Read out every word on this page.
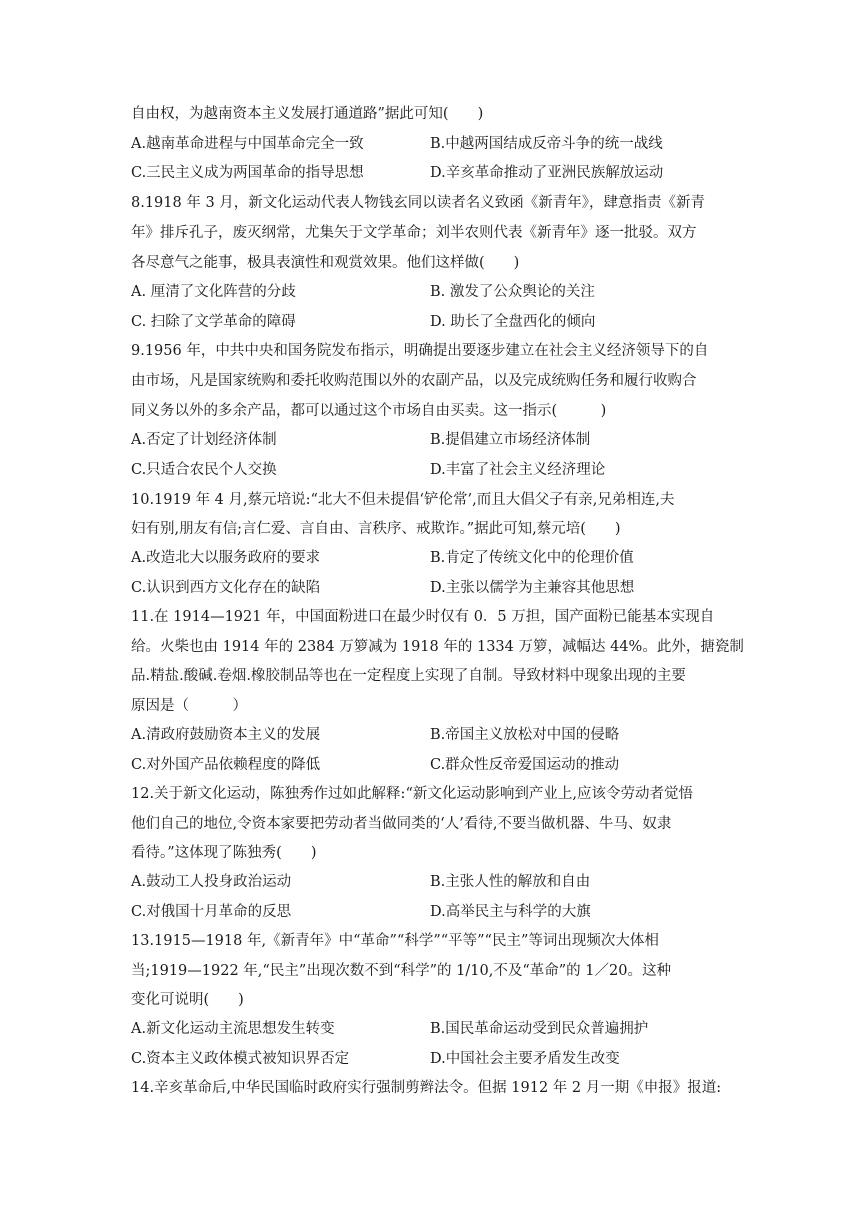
自由权，为越南资本主义发展打通道路”据此可知(　　)
A.越南革命进程与中国革命完全一致	B.中越两国结成反帝斗争的统一战线
C.三民主义成为两国革命的指导思想	D.辛亥革命推动了亚洲民族解放运动
8.1918 年 3 月，新文化运动代表人物钱玄同以读者名义致函《新青年》，肆意指责《新青
年》排斥孔子，废灭纲常，尤集矢于文学革命；刘半农则代表《新青年》逐一批驳。双方
各尽意气之能事，极具表演性和观赏效果。他们这样做(　　)
A. 厘清了文化阵营的分歧	B. 激发了公众舆论的关注
C. 扫除了文学革命的障碍	D. 助长了全盘西化的倾向
9.1956 年，中共中央和国务院发布指示，明确提出要逐步建立在社会主义经济领导下的自
由市场，凡是国家统购和委托收购范围以外的农副产品，以及完成统购任务和履行收购合
同义务以外的多余产品，都可以通过这个市场自由买卖。这一指示(　　　)
A.否定了计划经济体制	B.提倡建立市场经济体制
C.只适合农民个人交换	D.丰富了社会主义经济理论
10.1919 年 4 月,蔡元培说:“北大不但未提倡‘铲伦常’,而且大倡父子有亲,兄弟相连,夫
妇有别,朋友有信;言仁爱、言自由、言秩序、戒欺诈。”据此可知,蔡元培(　　)
A.改造北大以服务政府的要求	B.肯定了传统文化中的伦理价值
C.认识到西方文化存在的缺陷	D.主张以儒学为主兼容其他思想
11.在 1914—1921 年，中国面粉进口在最少时仅有 0．5 万担，国产面粉已能基本实现自
给。火柴也由 1914 年的 2384 万箩减为 1918 年的 1334 万箩，减幅达 44%。此外，搪瓷制
品.精盐.酸碱.卷烟.橡胶制品等也在一定程度上实现了自制。导致材料中现象出现的主要
原因是（　　　）
A.清政府鼓励资本主义的发展	B.帝国主义放松对中国的侵略
C.对外国产品依赖程度的降低	C.群众性反帝爱国运动的推动
12.关于新文化运动，陈独秀作过如此解释:“新文化运动影响到产业上,应该令劳动者觉悟
他们自己的地位,令资本家要把劳动者当做同类的‘人’看待,不要当做机器、牛马、奴隶
看待。”这体现了陈独秀(　　)
A.鼓动工人投身政治运动	B.主张人性的解放和自由
C.对俄国十月革命的反思	D.高举民主与科学的大旗
13.1915—1918 年,《新青年》中“革命”“科学”“平等”“民主”等词出现频次大体相
当;1919—1922 年,“民主”出现次数不到“科学”的 1/10,不及“革命”的 1／20。这种
变化可说明(　　)
A.新文化运动主流思想发生转变	B.国民革命运动受到民众普遍拥护
C.资本主义政体模式被知识界否定	D.中国社会主要矛盾发生改变
14.辛亥革命后,中华民国临时政府实行强制剪辫法令。但据 1912 年 2 月一期《申报》报道:
